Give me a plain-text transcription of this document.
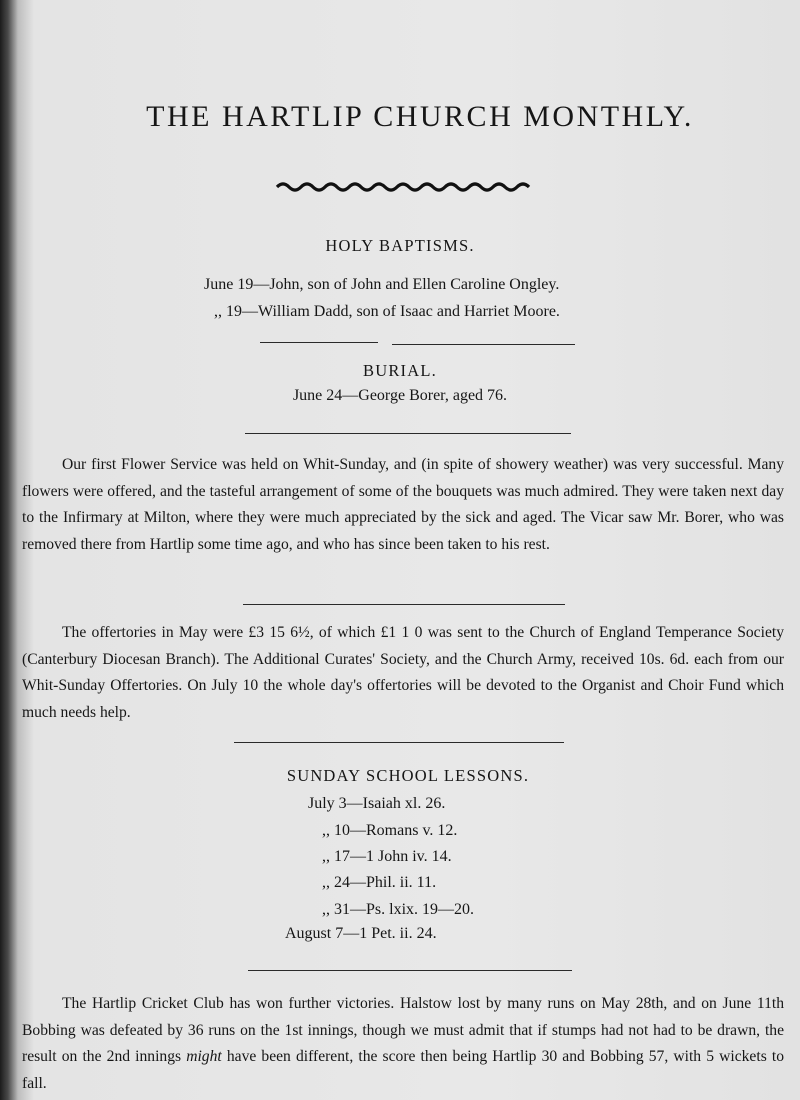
THE HARTLIP CHURCH MONTHLY.
HOLY BAPTISMS.
June 19—John, son of John and Ellen Caroline Ongley.
,, 19—William Dadd, son of Isaac and Harriet Moore.
BURIAL.
June 24—George Borer, aged 76.

Our first Flower Service was held on Whit-Sunday, and (in spite of showery weather) was very successful. Many flowers were offered, and the tasteful arrangement of some of the bouquets was much admired. They were taken next day to the Infirmary at Milton, where they were much appreciated by the sick and aged. The Vicar saw Mr. Borer, who was removed there from Hartlip some time ago, and who has since been taken to his rest.

The offertories in May were £3 15 6½, of which £1 1 0 was sent to the Church of England Temperance Society (Canterbury Diocesan Branch). The Additional Curates' Society, and the Church Army, received 10s. 6d. each from our Whit-Sunday Offertories. On July 10 the whole day's offertories will be devoted to the Organist and Choir Fund which much needs help.

SUNDAY SCHOOL LESSONS.
July 3—Isaiah xl. 26.
,, 10—Romans v. 12.
,, 17—1 John iv. 14.
,, 24—Phil. ii. 11.
,, 31—Ps. lxix. 19—20.
August 7—1 Pet. ii. 24.

The Hartlip Cricket Club has won further victories. Halstow lost by many runs on May 28th, and on June 11th Bobbing was defeated by 36 runs on the 1st innings, though we must admit that if stumps had not had to be drawn, the result on the 2nd innings might have been different, the score then being Hartlip 30 and Bobbing 57, with 5 wickets to fall.
